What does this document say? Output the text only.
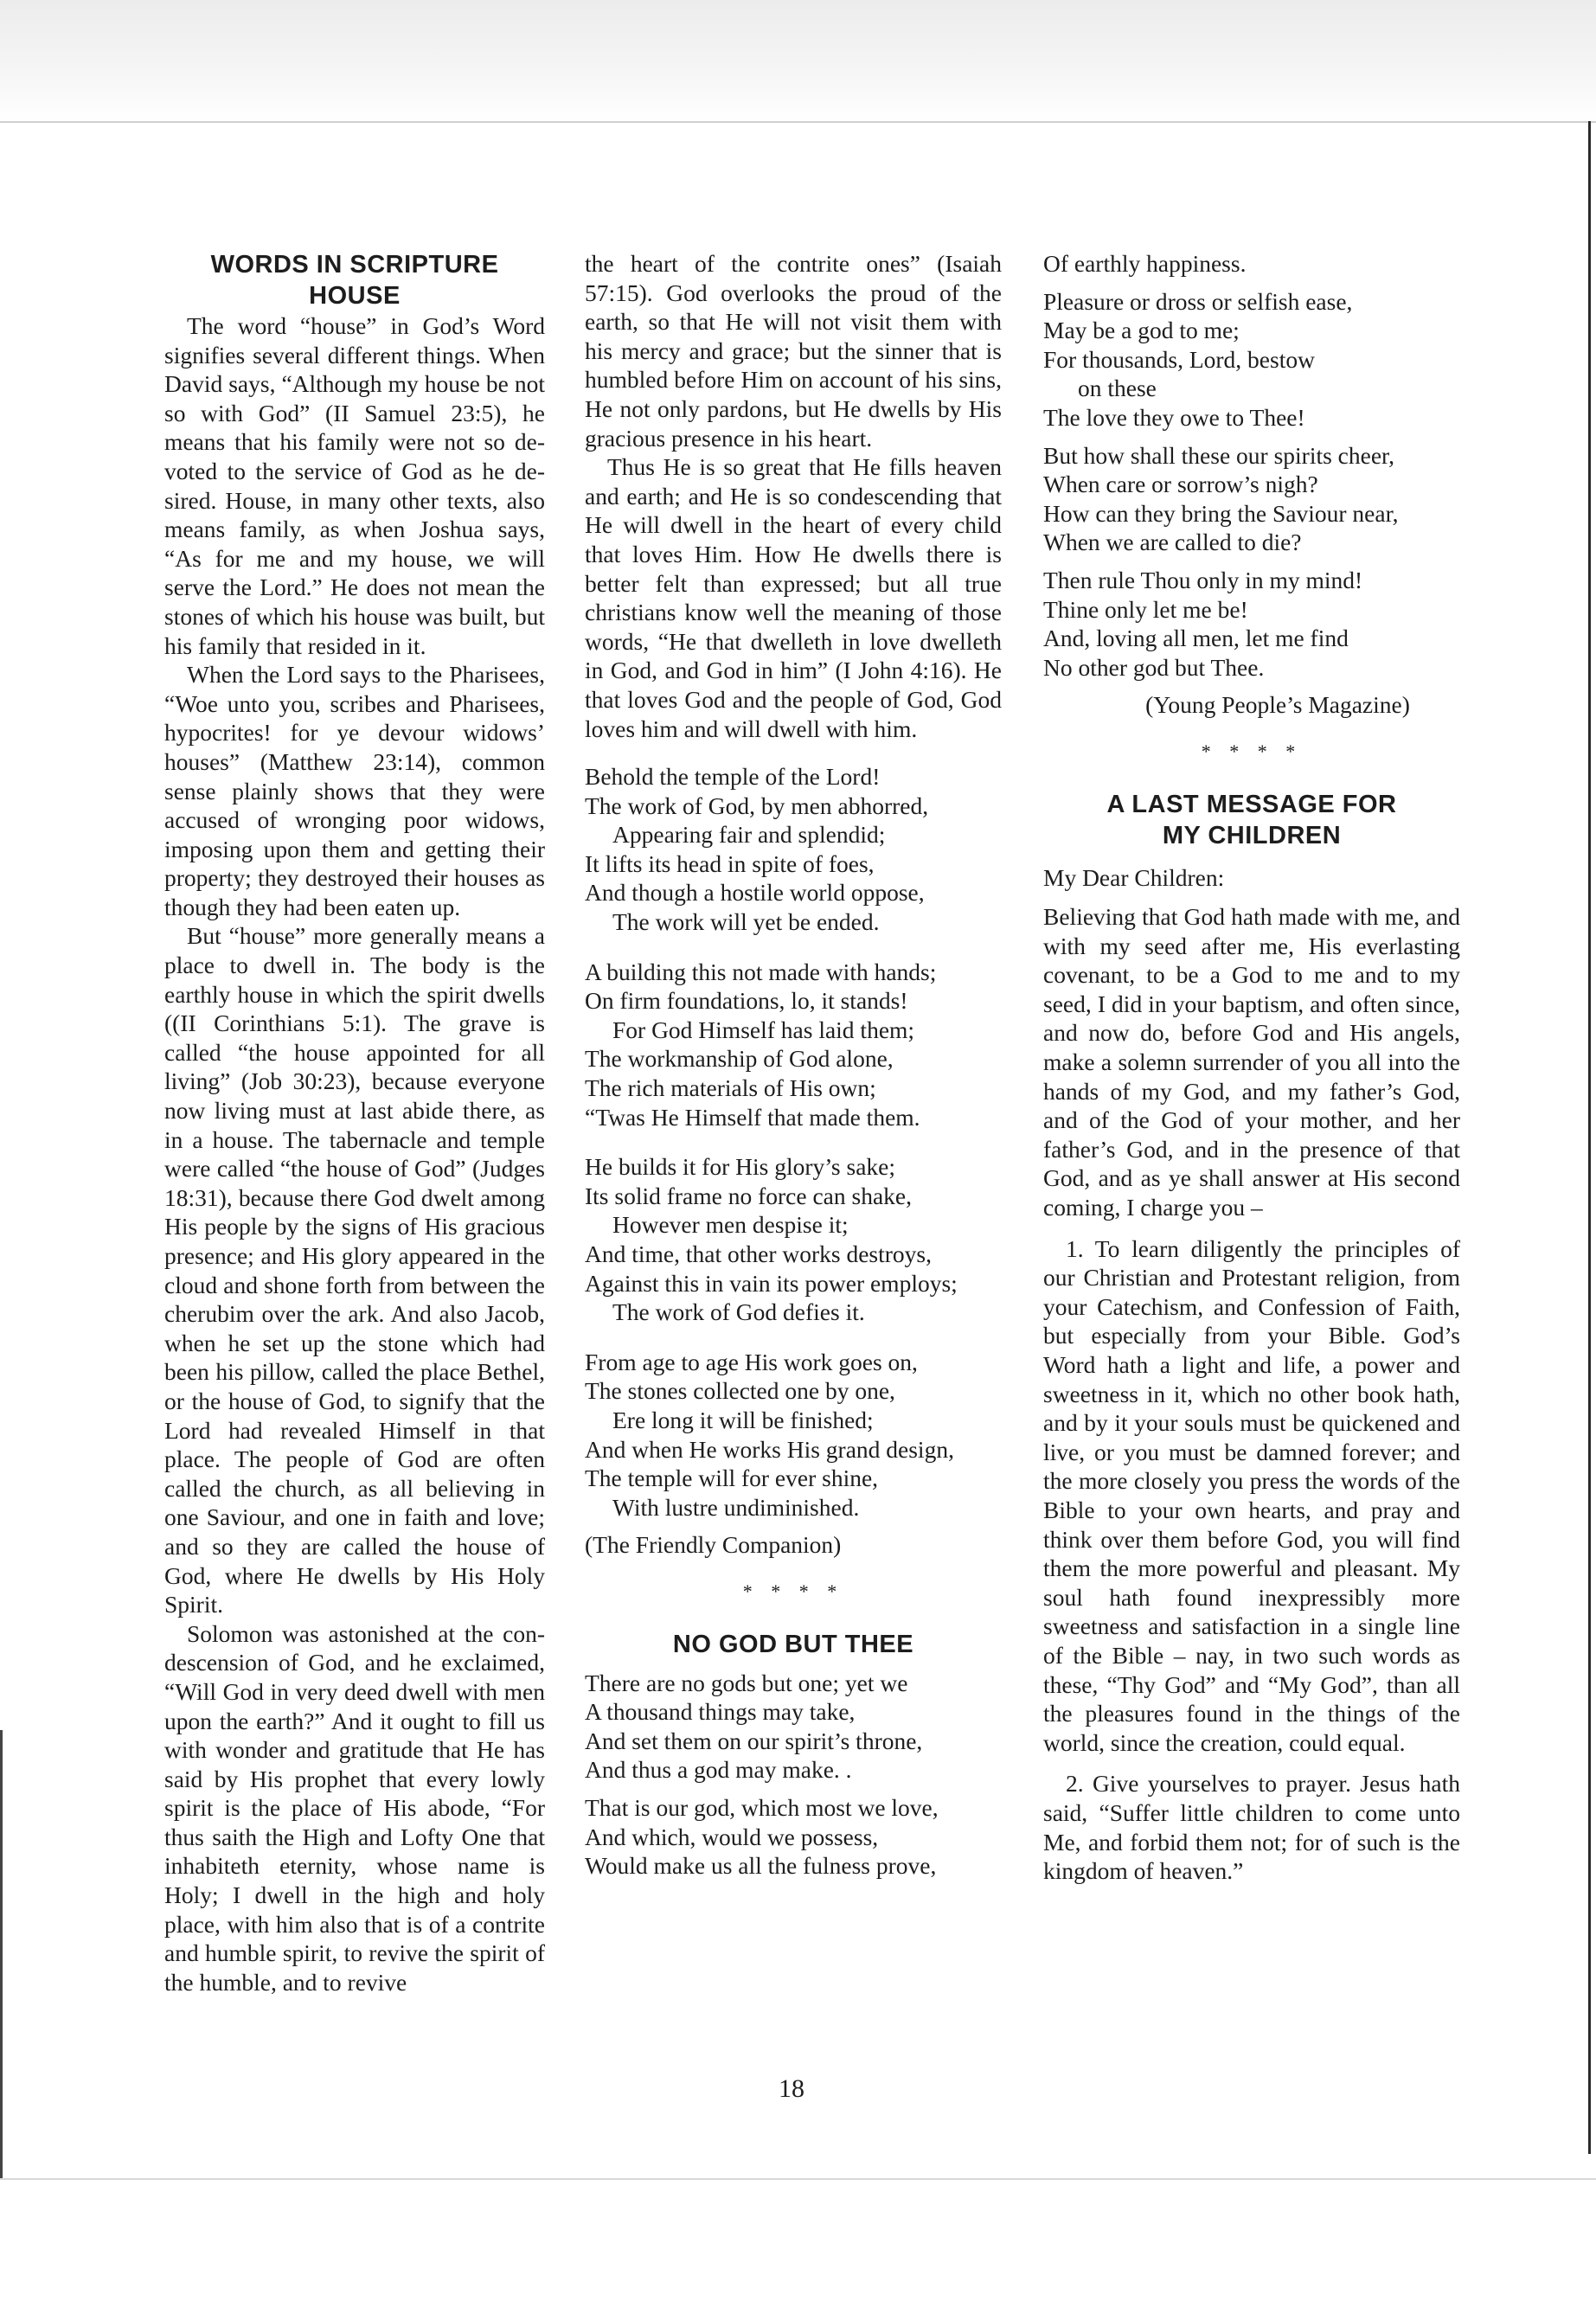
WORDS IN SCRIPTURE
HOUSE

The word “house” in God’s Word signifies several different things. When David says, “Although my house be not so with God” (II Samuel 23:5), he means that his family were not so devoted to the service of God as he desired. House, in many other texts, also means family, as when Joshua says, “As for me and my house, we will serve the Lord.” He does not mean the stones of which his house was built, but his family that resided in it.

When the Lord says to the Pharisees, “Woe unto you, scribes and Pharisees, hypocrites! for ye devour widows’ houses” (Matthew 23:14), common sense plainly shows that they were accused of wronging poor widows, imposing upon them and getting their property; they destroyed their houses as though they had been eaten up.

But “house” more generally means a place to dwell in. The body is the earthly house in which the spirit dwells ((II Corinthians 5:1). The grave is called “the house appointed for all living” (Job 30:23), because everyone now living must at last abide there, as in a house. The tabernacle and temple were called “the house of God” (Judges 18:31), because there God dwelt among His people by the signs of His gracious presence; and His glory appeared in the cloud and shone forth from between the cherubim over the ark. And also Jacob, when he set up the stone which had been his pillow, called the place Bethel, or the house of God, to signify that the Lord had revealed Himself in that place. The people of God are often called the church, as all believing in one Saviour, and one in faith and love; and so they are called the house of God, where He dwells by His Holy Spirit.

Solomon was astonished at the condescension of God, and he exclaimed, “Will God in very deed dwell with men upon the earth?” And it ought to fill us with wonder and gratitude that He has said by His prophet that every lowly spirit is the place of His abode, “For thus saith the High and Lofty One that inhabiteth eternity, whose name is Holy; I dwell in the high and holy place, with him also that is of a contrite and humble spirit, to revive the spirit of the humble, and to revive

the heart of the contrite ones” (Isaiah 57:15). God overlooks the proud of the earth, so that He will not visit them with his mercy and grace; but the sinner that is humbled before Him on account of his sins, He not only pardons, but He dwells by His gracious presence in his heart.

Thus He is so great that He fills heaven and earth; and He is so condescending that He will dwell in the heart of every child that loves Him. How He dwells there is better felt than expressed; but all true christians know well the meaning of those words, “He that dwelleth in love dwelleth in God, and God in him” (I John 4:16). He that loves God and the people of God, God loves him and will dwell with him.

Behold the temple of the Lord!
The work of God, by men abhorred,
Appearing fair and splendid;
It lifts its head in spite of foes,
And though a hostile world oppose,
The work will yet be ended.
A building this not made with hands;
On firm foundations, lo, it stands!
For God Himself has laid them;
The workmanship of God alone,
The rich materials of His own;
“Twas He Himself that made them.
He builds it for His glory’s sake;
Its solid frame no force can shake,
However men despise it;
And time, that other works destroys,
Against this in vain its power employs;
The work of God defies it.
From age to age His work goes on,
The stones collected one by one,
Ere long it will be finished;
And when He works His grand design,
The temple will for ever shine,
With lustre undiminished.

(The Friendly Companion)

* * * *
NO GOD BUT THEE
There are no gods but one; yet we
A thousand things may take,
And set them on our spirit’s throne,
And thus a god may make. .
That is our god, which most we love,
And which, would we possess,
Would make us all the fulness prove,
Of earthly happiness.
Pleasure or dross or selfish ease,
May be a god to me;
For thousands, Lord, bestow
on these
The love they owe to Thee!
But how shall these our spirits cheer,
When care or sorrow’s nigh?
How can they bring the Saviour near,
When we are called to die?
Then rule Thou only in my mind!
Thine only let me be!
And, loving all men, let me find
No other god but Thee.

(Young People’s Magazine)

* * * *
A LAST MESSAGE FOR
MY CHILDREN

My Dear Children:

Believing that God hath made with me, and with my seed after me, His everlasting covenant, to be a God to me and to my seed, I did in your baptism, and often since, and now do, before God and His angels, make a solemn surrender of you all into the hands of my God, and my father’s God, and of the God of your mother, and her father’s God, and in the presence of that God, and as ye shall answer at His second coming, I charge you –

1. To learn diligently the principles of our Christian and Protestant religion, from your Catechism, and Confession of Faith, but especially from your Bible. God’s Word hath a light and life, a power and sweetness in it, which no other book hath, and by it your souls must be quickened and live, or you must be damned forever; and the more closely you press the words of the Bible to your own hearts, and pray and think over them before God, you will find them the more powerful and pleasant. My soul hath found inexpressibly more sweetness and satisfaction in a single line of the Bible – nay, in two such words as these, “Thy God” and “My God”, than all the pleasures found in the things of the world, since the creation, could equal.

2. Give yourselves to prayer. Jesus hath said, “Suffer little children to come unto Me, and forbid them not; for of such is the kingdom of heaven.”

18
